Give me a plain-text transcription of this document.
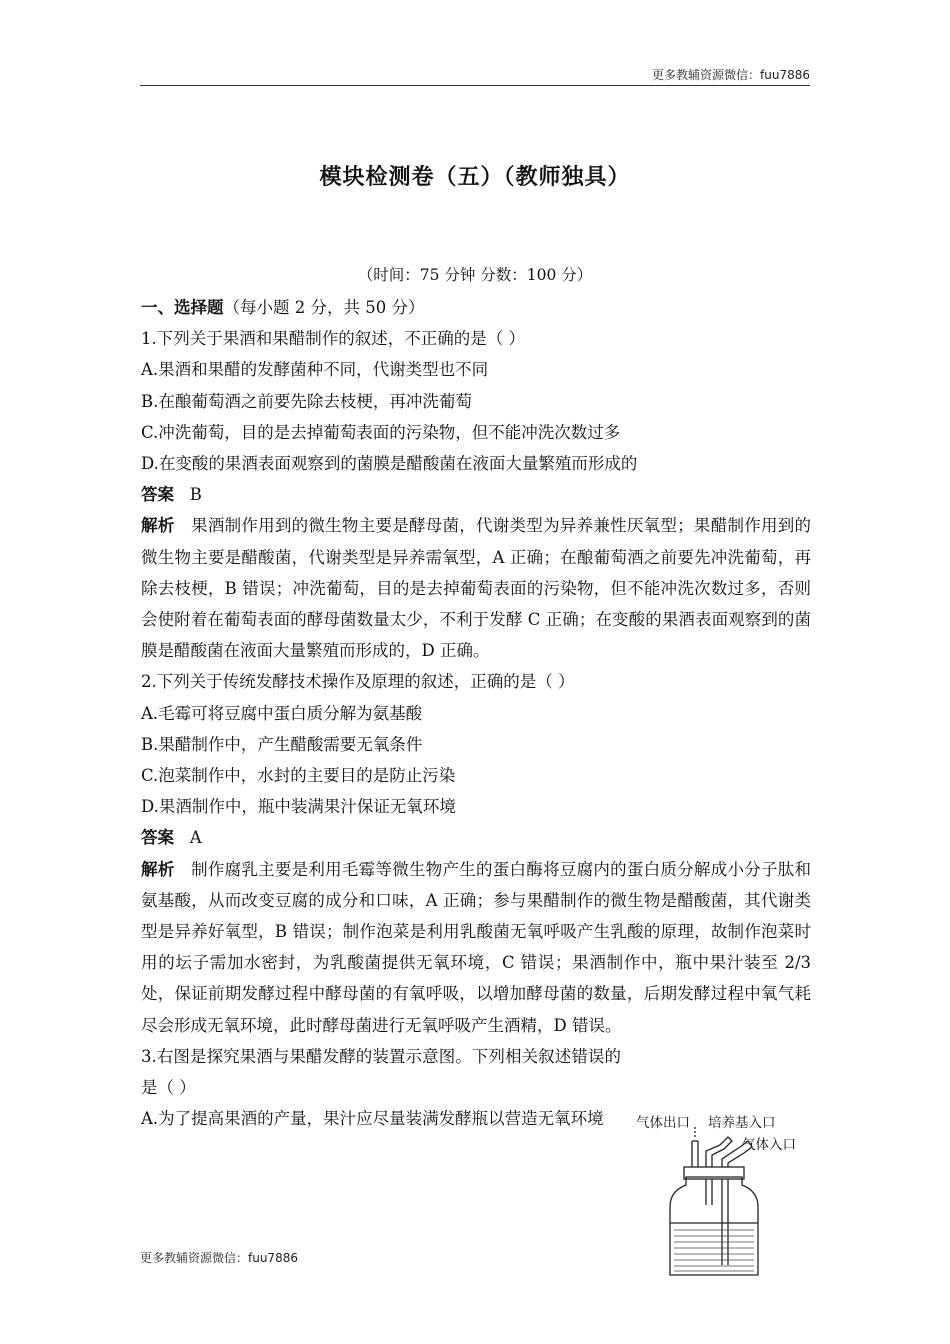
更多教辅资源微信：fuu7886
模块检测卷（五）（教师独具）
（时间：75 分钟 分数：100 分）
一、选择题（每小题 2 分，共 50 分）
1.下列关于果酒和果醋制作的叙述，不正确的是（ ）
A.果酒和果醋的发酵菌种不同，代谢类型也不同
B.在酿葡萄酒之前要先除去枝梗，再冲洗葡萄
C.冲洗葡萄，目的是去掉葡萄表面的污染物，但不能冲洗次数过多
D.在变酸的果酒表面观察到的菌膜是醋酸菌在液面大量繁殖而形成的
答案 B
解析 果酒制作用到的微生物主要是酵母菌，代谢类型为异养兼性厌氧型；果醋制作用到的微生物主要是醋酸菌，代谢类型是异养需氧型，A 正确；在酿葡萄酒之前要先冲洗葡萄，再除去枝梗，B 错误；冲洗葡萄，目的是去掉葡萄表面的污染物，但不能冲洗次数过多，否则会使附着在葡萄表面的酵母菌数量太少，不利于发酵 C 正确；在变酸的果酒表面观察到的菌膜是醋酸菌在液面大量繁殖而形成的，D 正确。
2.下列关于传统发酵技术操作及原理的叙述，正确的是（ ）
A.毛霉可将豆腐中蛋白质分解为氨基酸
B.果醋制作中，产生醋酸需要无氧条件
C.泡菜制作中，水封的主要目的是防止污染
D.果酒制作中，瓶中装满果汁保证无氧环境
答案 A
解析 制作腐乳主要是利用毛霉等微生物产生的蛋白酶将豆腐内的蛋白质分解成小分子肽和氨基酸，从而改变豆腐的成分和口味，A 正确；参与果醋制作的微生物是醋酸菌，其代谢类型是异养好氧型，B 错误；制作泡菜是利用乳酸菌无氧呼吸产生乳酸的原理，故制作泡菜时用的坛子需加水密封，为乳酸菌提供无氧环境，C 错误；果酒制作中，瓶中果汁装至 2/3 处，保证前期发酵过程中酵母菌的有氧呼吸，以增加酵母菌的数量，后期发酵过程中氧气耗尽会形成无氧环境，此时酵母菌进行无氧呼吸产生酒精，D 错误。
3.右图是探究果酒与果醋发酵的装置示意图。下列相关叙述错误的是（ ）
A.为了提高果酒的产量，果汁应尽量装满发酵瓶以营造无氧环境	气体出口 培养基入口
气体入口
更多教辅资源微信：fuu7886
